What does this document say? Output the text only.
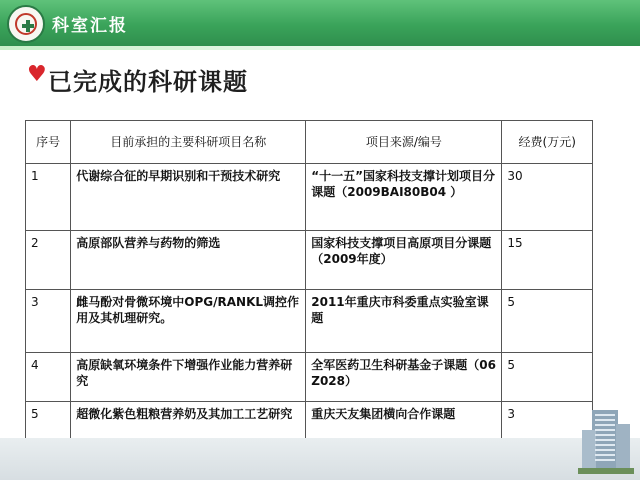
科室汇报
♥ 已完成的科研课题
序号	目前承担的主要科研项目名称	项目来源/编号	经费(万元)
1	代谢综合征的早期识别和干预技术研究	“十一五”国家科技支撑计划项目分课题（2009BAI80B04 ）	30
2	高原部队营养与药物的筛选	国家科技支撑项目高原项目分课题（2009年度）	15
3	雌马酚对骨微环境中OPG/RANKL调控作用及其机理研究。	2011年重庆市科委重点实验室课题	5
4	高原缺氧环境条件下增强作业能力营养研究	全军医药卫生科研基金子课题（06Z028）	5
5	超微化紫色粗粮营养奶及其加工工艺研究	重庆天友集团横向合作课题	3
